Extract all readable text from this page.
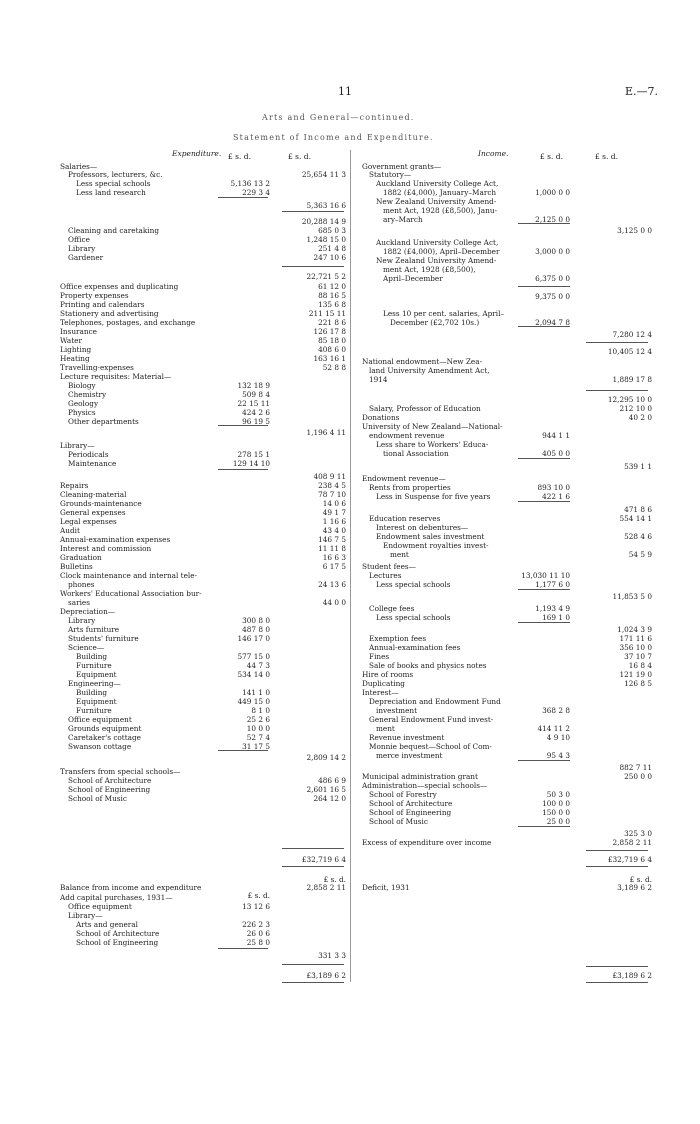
11	E.—7.
Arts and General—continued.
Statement of Income and Expenditure.
Expenditure. £ s. d.	£ s. d.	Income.	£ s. d.	£ s. d.
Salaries—
Professors, lecturers, &c.	25,654 11 3
Less special schools	5,136 13 2
Less land research	229 3 4
5,363 16 6
20,288 14 9
Cleaning and caretaking	685 0 3
Office	1,248 15 0
Library	251 4 8
Gardener	247 10 6
22,721 5 2
Office expenses and duplicating	61 12 0
Property expenses	88 16 5
Printing and calendars	135 6 8
Stationery and advertising	211 15 11
Telephones, postages, and exchange	221 8 6
Insurance	126 17 8
Water	85 18 0
Lighting	408 6 0
Heating	163 16 1
Travelling-expenses	52 8 8
Lecture requisites: Material—
Biology	132 18 9
Chemistry	509 8 4
Geology	22 15 11
Physics	424 2 6
Other departments	96 19 5
1,196 4 11
Library—
Periodicals	278 15 1
Maintenance	129 14 10
408 9 11
Repairs	238 4 5
Cleaning-material	78 7 10
Grounds-maintenance	14 0 6
General expenses	49 1 7
Legal expenses	1 16 6
Audit	43 4 0
Annual-examination expenses	146 7 5
Interest and commission	11 11 8
Graduation	16 6 3
Bulletins	6 17 5
Clock maintenance and internal tele-
phones	24 13 6
Workers' Educational Association bur-
saries	44 0 0
Depreciation—
Library	300 8 0
Arts furniture	487 8 0
Students' furniture	146 17 0
Science—
Building	577 15 0
Furniture	44 7 3
Equipment	534 14 0
Engineering—
Building	141 1 0
Equipment	449 15 0
Furniture	8 1 0
Office equipment	25 2 6
Grounds equipment	10 0 0
Caretaker's cottage	52 7 4
Swanson cottage	31 17 5
2,809 14 2
Transfers from special schools—
School of Architecture	486 6 9
School of Engineering	2,601 16 5
School of Music	264 12 0
£32,719 6 4
£ s. d.
Balance from income and expenditure	2,858 2 11
£ s. d.
Add capital purchases, 1931—
Office equipment	13 12 6
Library—
Arts and general	226 2 3
School of Architecture	26 0 6
School of Engineering	25 8 0
331 3 3
£3,189 6 2
Government grants—
Statutory—
Auckland University College Act,
1882 (£4,000), January–March	1,000 0 0
New Zealand University Amend-
ment Act, 1928 (£8,500), Janu-
ary–March	2,125 0 0
3,125 0 0
Auckland University College Act,
1882 (£4,000), April–December	3,000 0 0
New Zealand University Amend-
ment Act, 1928 (£8,500),
April–December	6,375 0 0
9,375 0 0
Less 10 per cent. salaries, April–
December (£2,702 10s.)	2,094 7 8
7,280 12 4
10,405 12 4
National endowment—New Zea-
land University Amendment Act,
1914	1,889 17 8
12,295 10 0
Salary, Professor of Education	212 10 0
Donations	40 2 0
University of New Zealand—National-
endowment revenue	944 1 1
Less share to Workers' Educa-
tional Association	405 0 0
539 1 1
Endowment revenue—
Rents from properties	893 10 0
Less in Suspense for five years	422 1 6
471 8 6
Education reserves	554 14 1
Interest on debentures—
Endowment sales investment	528 4 6
Endowment royalties invest-
ment	54 5 9
Student fees—
Lectures	13,030 11 10
Less special schools	1,177 6 0
11,853 5 0
College fees	1,193 4 9
Less special schools	169 1 0
1,024 3 9
Exemption fees	171 11 6
Annual-examination fees	356 10 0
Fines	37 10 7
Sale of books and physics notes	16 8 4
Hire of rooms	121 19 0
Duplicating	126 8 5
Interest—
Depreciation and Endowment Fund
investment	368 2 8
General Endowment Fund invest-
ment	414 11 2
Revenue investment	4 9 10
Monnie bequest—School of Com-
merce investment	95 4 3
882 7 11
Municipal administration grant	250 0 0
Administration—special schools—
School of Forestry	50 3 0
School of Architecture	100 0 0
School of Engineering	150 0 0
School of Music	25 0 0
325 3 0
Excess of expenditure over income	2,858 2 11
£32,719 6 4
£ s. d.
Deficit, 1931	3,189 6 2
£3,189 6 2
